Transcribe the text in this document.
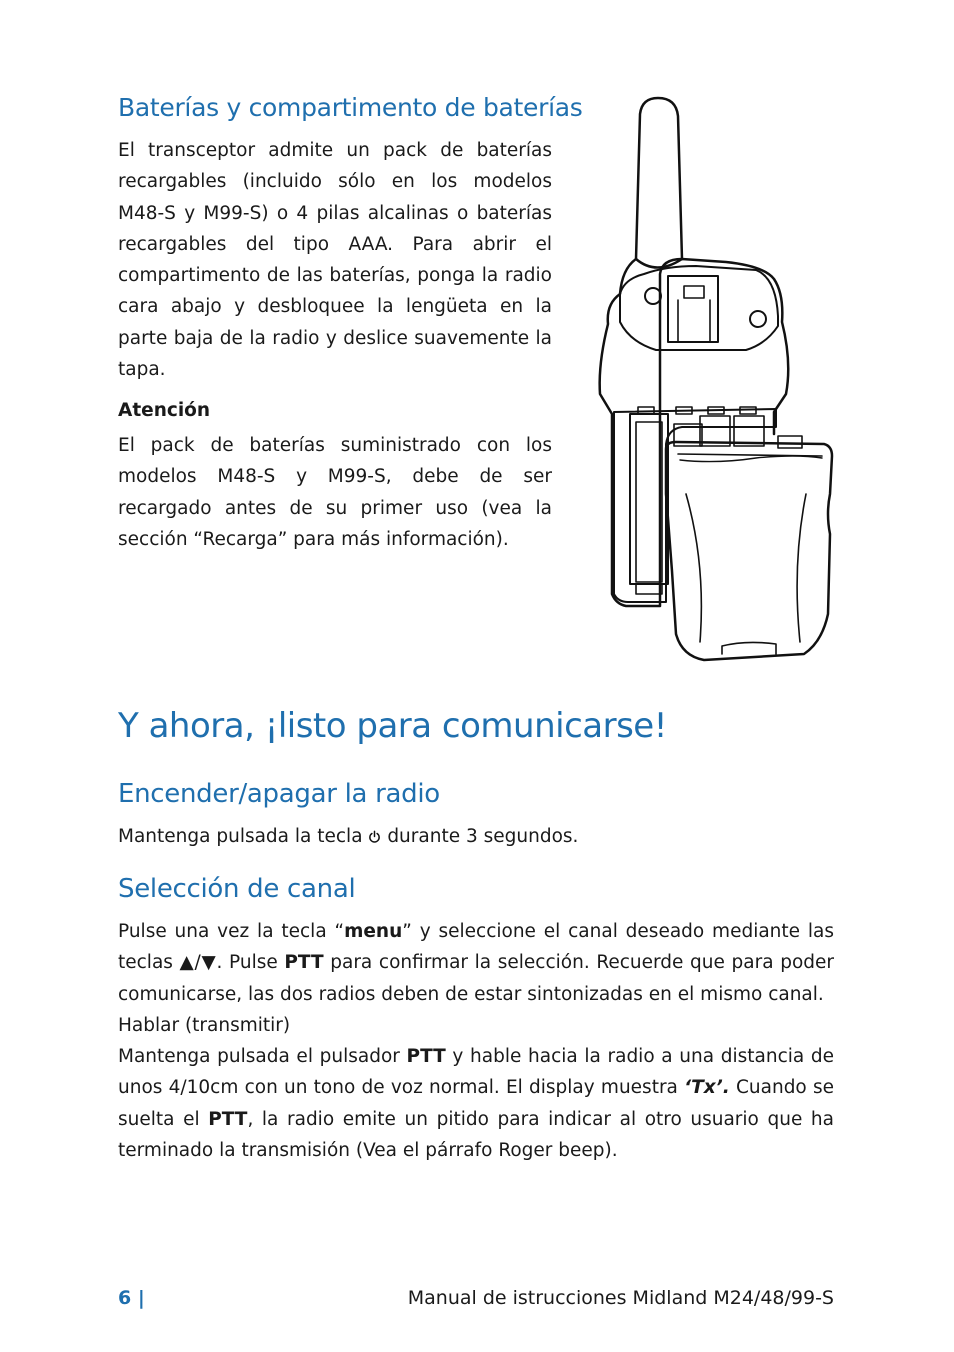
Baterías y compartimento de baterías

El transceptor admite un pack de baterías recargables (incluido sólo en los modelos M48-S y M99-S) o 4 pilas alcalinas o baterías recargables del tipo AAA. Para abrir el compartimento de las baterías, ponga la radio cara abajo y desbloquee la lengüeta en la parte baja de la radio y deslice suavemente la tapa.

Atención

El pack de baterías suministrado con los modelos M48-S y M99-S, debe de ser recargado antes de su primer uso (vea la sección “Recarga” para más información).

Y ahora, ¡listo para comunicarse!
Encender/apagar la radio
Mantenga pulsada la tecla durante 3 segundos.
Selección de canal

Pulse una vez la tecla “menu” y seleccione el canal deseado mediante las teclas ▲/▼. Pulse PTT para confirmar la selección. Recuerde que para poder comunicarse, las dos radios deben de estar sintonizadas en el mismo canal.

Hablar (transmitir)

Mantenga pulsada el pulsador PTT y hable hacia la radio a una distancia de unos 4/10cm con un tono de voz normal. El display muestra ‘Tx’. Cuando se suelta el PTT, la radio emite un pitido para indicar al otro usuario que ha terminado la transmisión (Vea el párrafo Roger beep).

6 |	Manual de istrucciones Midland M24/48/99-S
